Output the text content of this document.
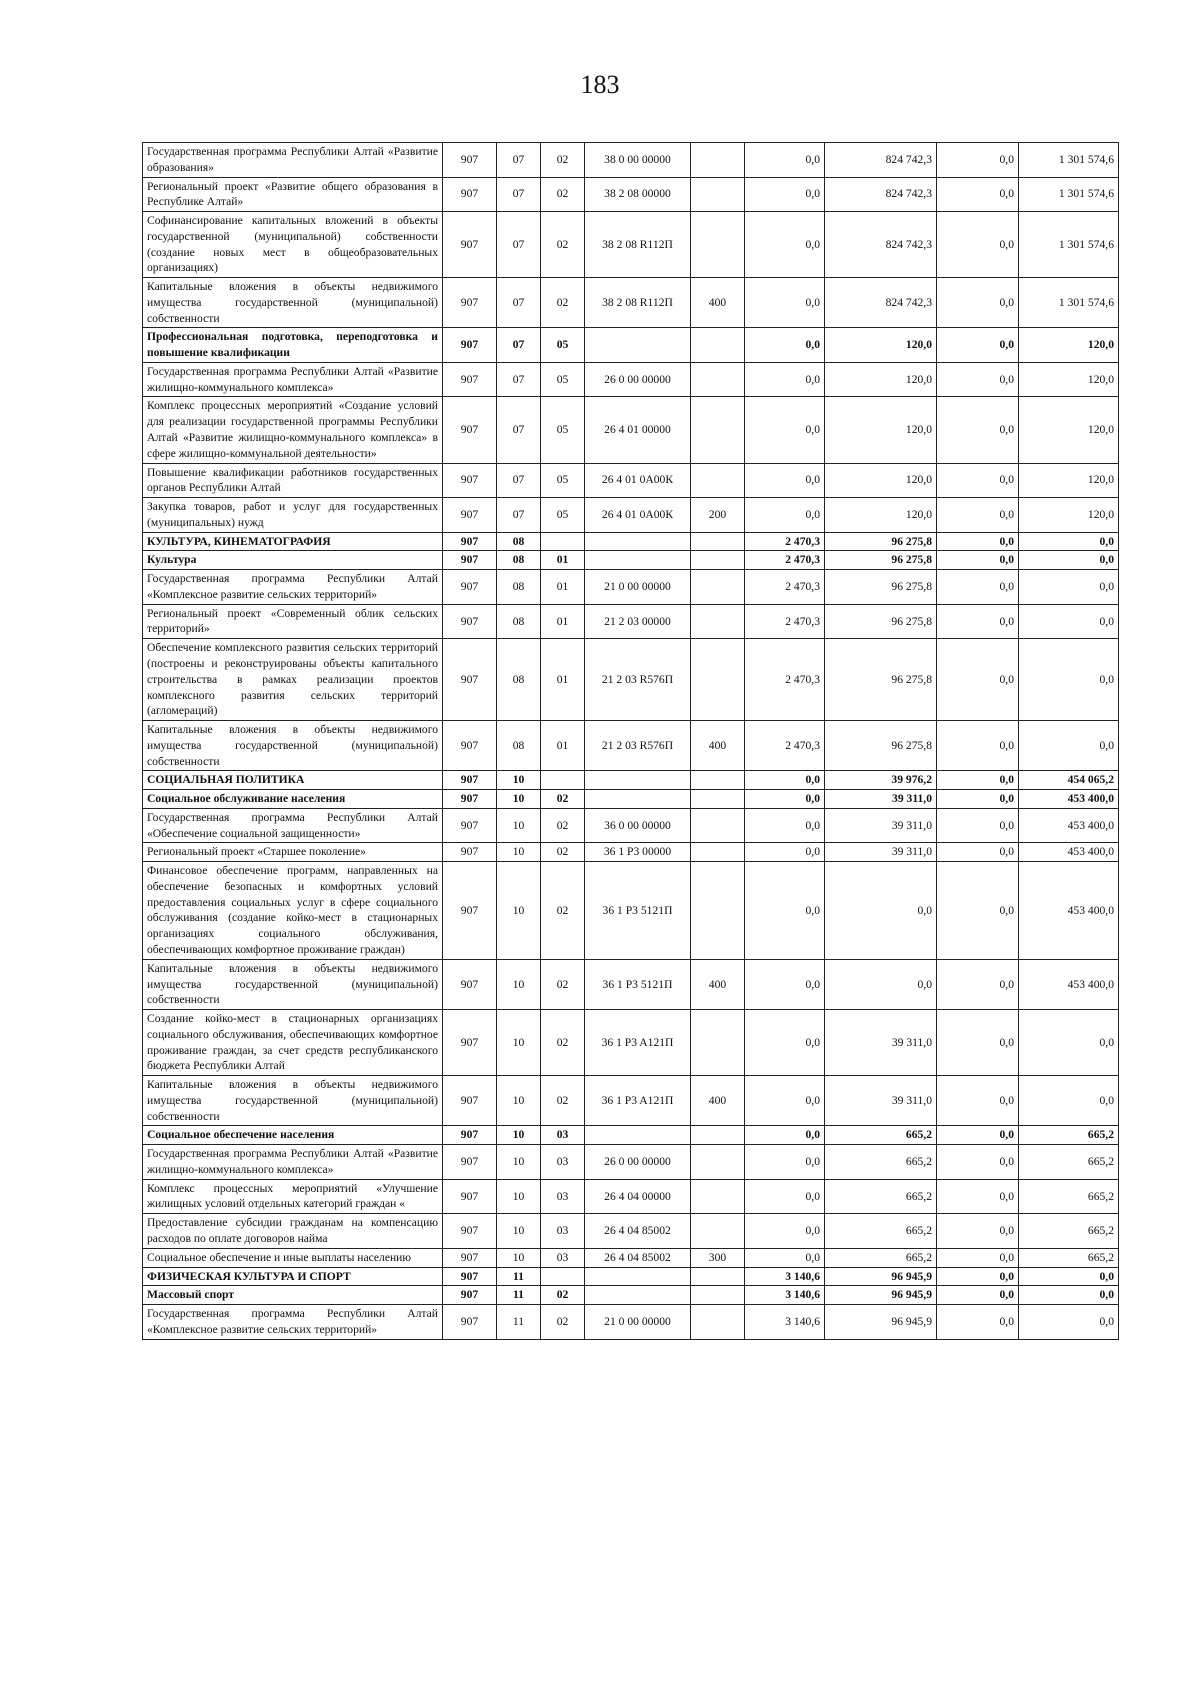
183
Государственная программа Республики Алтай «Развитие образования»	907	07	02	38 0 00 00000		0,0	824 742,3	0,0	1 301 574,6
Региональный проект «Развитие общего образования в Республике Алтай»	907	07	02	38 2 08 00000		0,0	824 742,3	0,0	1 301 574,6
Софинансирование капитальных вложений в объекты государственной (муниципальной) собственности (создание новых мест в общеобразовательных организациях)	907	07	02	38 2 08 R112П		0,0	824 742,3	0,0	1 301 574,6
Капитальные вложения в объекты недвижимого имущества государственной (муниципальной) собственности	907	07	02	38 2 08 R112П	400	0,0	824 742,3	0,0	1 301 574,6
Профессиональная подготовка, переподготовка и повышение квалификации	907	07	05			0,0	120,0	0,0	120,0
Государственная программа Республики Алтай «Развитие жилищно-коммунального комплекса»	907	07	05	26 0 00 00000		0,0	120,0	0,0	120,0
Комплекс процессных мероприятий «Создание условий для реализации государственной программы Республики Алтай «Развитие жилищно-коммунального комплекса» в сфере жилищно-коммунальной деятельности»	907	07	05	26 4 01 00000		0,0	120,0	0,0	120,0
Повышение квалификации работников государственных органов Республики Алтай	907	07	05	26 4 01 0А00К		0,0	120,0	0,0	120,0
Закупка товаров, работ и услуг для государственных (муниципальных) нужд	907	07	05	26 4 01 0А00К	200	0,0	120,0	0,0	120,0
КУЛЬТУРА, КИНЕМАТОГРАФИЯ	907	08				2 470,3	96 275,8	0,0	0,0
Культура	907	08	01			2 470,3	96 275,8	0,0	0,0
Государственная программа Республики Алтай «Комплексное развитие сельских территорий»	907	08	01	21 0 00 00000		2 470,3	96 275,8	0,0	0,0
Региональный проект «Современный облик сельских территорий»	907	08	01	21 2 03 00000		2 470,3	96 275,8	0,0	0,0
Обеспечение комплексного развития сельских территорий (построены и реконструированы объекты капитального строительства в рамках реализации проектов комплексного развития сельских территорий (агломераций)	907	08	01	21 2 03 R576П		2 470,3	96 275,8	0,0	0,0
Капитальные вложения в объекты недвижимого имущества государственной (муниципальной) собственности	907	08	01	21 2 03 R576П	400	2 470,3	96 275,8	0,0	0,0
СОЦИАЛЬНАЯ ПОЛИТИКА	907	10				0,0	39 976,2	0,0	454 065,2
Социальное обслуживание населения	907	10	02			0,0	39 311,0	0,0	453 400,0
Государственная программа Республики Алтай «Обеспечение социальной защищенности»	907	10	02	36 0 00 00000		0,0	39 311,0	0,0	453 400,0
Региональный проект «Старшее поколение»	907	10	02	36 1 P3 00000		0,0	39 311,0	0,0	453 400,0
Финансовое обеспечение программ, направленных на обеспечение безопасных и комфортных условий предоставления социальных услуг в сфере социального обслуживания (создание койко-мест в стационарных организациях социального обслуживания, обеспечивающих комфортное проживание граждан)	907	10	02	36 1 P3 5121П		0,0	0,0	0,0	453 400,0
Капитальные вложения в объекты недвижимого имущества государственной (муниципальной) собственности	907	10	02	36 1 P3 5121П	400	0,0	0,0	0,0	453 400,0
Создание койко-мест в стационарных организациях социального обслуживания, обеспечивающих комфортное проживание граждан, за счет средств республиканского бюджета Республики Алтай	907	10	02	36 1 P3 A121П		0,0	39 311,0	0,0	0,0
Капитальные вложения в объекты недвижимого имущества государственной (муниципальной) собственности	907	10	02	36 1 P3 A121П	400	0,0	39 311,0	0,0	0,0
Социальное обеспечение населения	907	10	03			0,0	665,2	0,0	665,2
Государственная программа Республики Алтай «Развитие жилищно-коммунального комплекса»	907	10	03	26 0 00 00000		0,0	665,2	0,0	665,2
Комплекс процессных мероприятий «Улучшение жилищных условий отдельных категорий граждан «	907	10	03	26 4 04 00000		0,0	665,2	0,0	665,2
Предоставление субсидии гражданам на компенсацию расходов по оплате договоров найма	907	10	03	26 4 04 85002		0,0	665,2	0,0	665,2
Социальное обеспечение и иные выплаты населению	907	10	03	26 4 04 85002	300	0,0	665,2	0,0	665,2
ФИЗИЧЕСКАЯ КУЛЬТУРА И СПОРТ	907	11				3 140,6	96 945,9	0,0	0,0
Массовый спорт	907	11	02			3 140,6	96 945,9	0,0	0,0
Государственная программа Республики Алтай «Комплексное развитие сельских территорий»	907	11	02	21 0 00 00000		3 140,6	96 945,9	0,0	0,0
